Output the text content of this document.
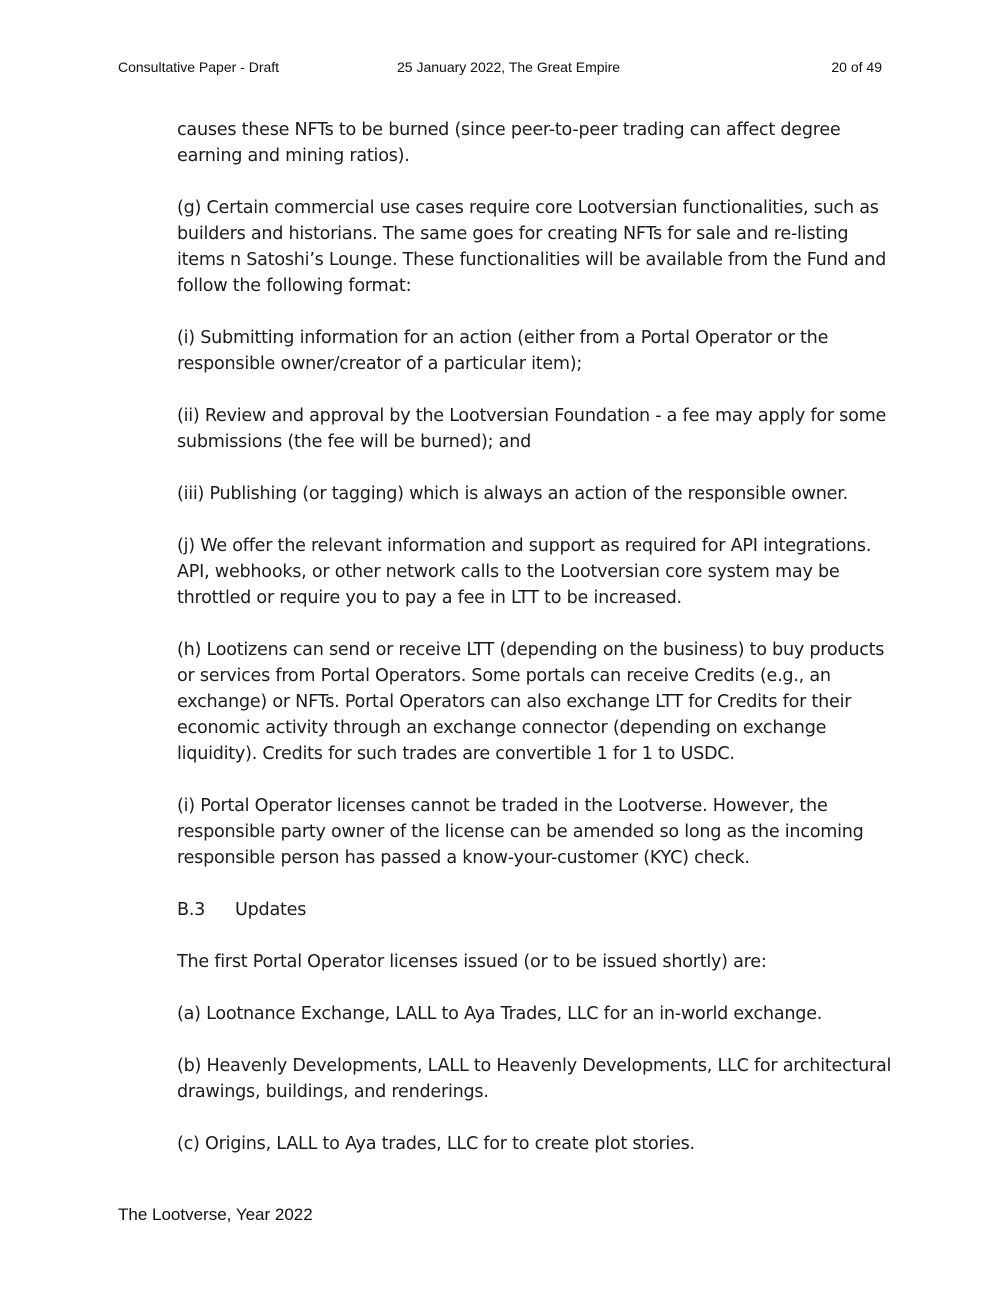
Consultative Paper - Draft	25 January 2022, The Great Empire	20 of 49

causes these NFTs to be burned (since peer-to-peer trading can affect degree earning and mining ratios).

(g) Certain commercial use cases require core Lootversian functionalities, such as builders and historians. The same goes for creating NFTs for sale and re-listing items n Satoshi’s Lounge. These functionalities will be available from the Fund and follow the following format:

(i) Submitting information for an action (either from a Portal Operator or the responsible owner/creator of a particular item);

(ii) Review and approval by the Lootversian Foundation - a fee may apply for some submissions (the fee will be burned); and

(iii) Publishing (or tagging) which is always an action of the responsible owner.

(j) We offer the relevant information and support as required for API integrations. API, webhooks, or other network calls to the Lootversian core system may be throttled or require you to pay a fee in LTT to be increased.

(h) Lootizens can send or receive LTT (depending on the business) to buy products or services from Portal Operators. Some portals can receive Credits (e.g., an exchange) or NFTs. Portal Operators can also exchange LTT for Credits for their economic activity through an exchange connector (depending on exchange liquidity). Credits for such trades are convertible 1 for 1 to USDC.

(i) Portal Operator licenses cannot be traded in the Lootverse. However, the responsible party owner of the license can be amended so long as the incoming responsible person has passed a know-your-customer (KYC) check.

B.3 Updates

The first Portal Operator licenses issued (or to be issued shortly) are:

(a) Lootnance Exchange, LALL to Aya Trades, LLC for an in-world exchange.

(b) Heavenly Developments, LALL to Heavenly Developments, LLC for architectural drawings, buildings, and renderings.

(c) Origins, LALL to Aya trades, LLC for to create plot stories.

The Lootverse, Year 2022
